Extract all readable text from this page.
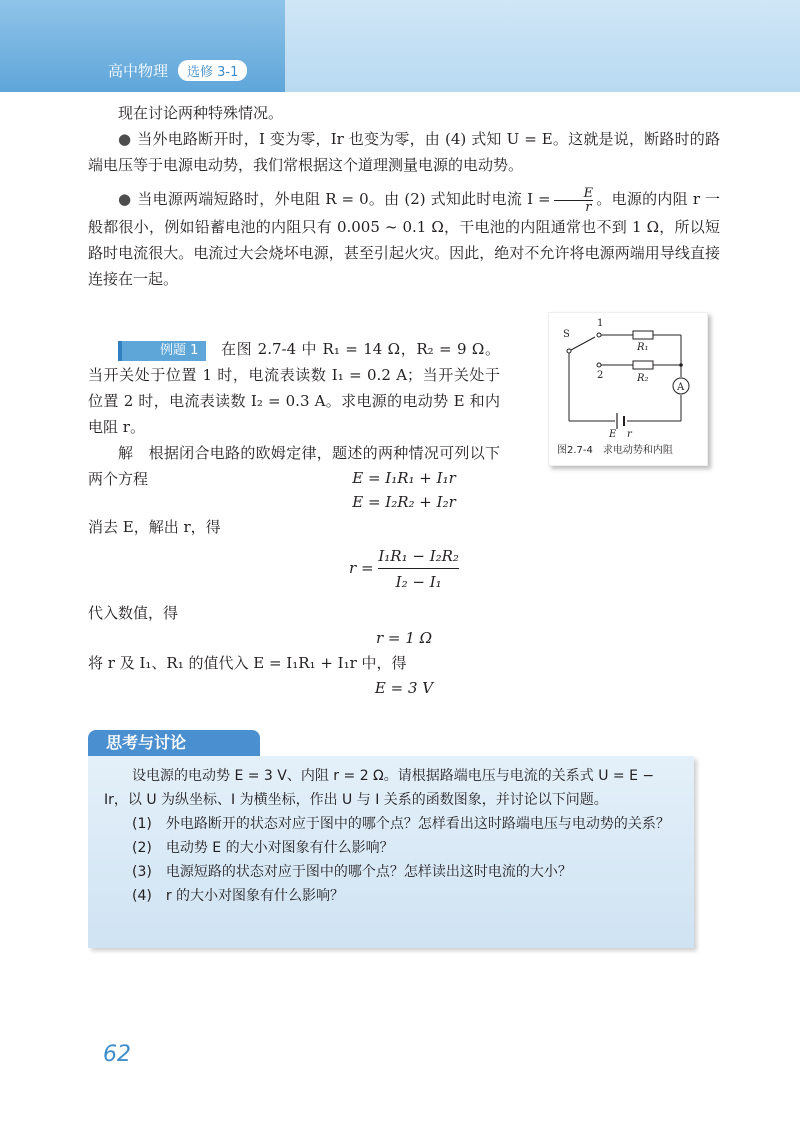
高中物理	选修 3-1

现在讨论两种特殊情况。

● 当外电路断开时，I 变为零，Ir 也变为零，由 (4) 式知 U = E。这就是说，断路时的路端电压等于电源电动势，我们常根据这个道理测量电源的电动势。

● 当电源两端短路时，外电阻 R = 0。由 (2) 式知此时电流 $I = \frac{E}{r}$ 。电源的内阻 r 一般都很小，例如铅蓄电池的内阻只有 0.005 ~ 0.1 Ω，干电池的内阻通常也不到 1 Ω，所以短路时电流很大。电流过大会烧坏电源，甚至引起火灾。因此，绝对不允许将电源两端用导线直接连接在一起。

例题 1 在图 2.7-4 中 R₁ = 14 Ω，R₂ = 9 Ω。当开关处于位置 1 时，电流表读数 I₁ = 0.2 A；当开关处于位置 2 时，电流表读数 I₂ = 0.3 A。求电源的电动势 E 和内电阻 r。

解　根据闭合电路的欧姆定律，题述的两种情况可列以下两个方程	E = I₁R₁ + I₁r
E = I₂R₂ + I₂r

消去 E，解出 r，得

$r = \frac{\text{I₁R₁ − I₂R₂}}{\text{I₂ − I₁}}$

代入数值，得

r = 1 Ω

将 r 及 I₁、R₁ 的值代入 E = I₁R₁ + I₁r 中，得

E = 3 V
E r
A
S
1
R₁
2	R₂
图2.7-4　求电动势和内阻
思考与讨论

设电源的电动势 E = 3 V、内阻 r = 2 Ω。请根据路端电压与电流的关系式 U = E − Ir，以 U 为纵坐标、I 为横坐标，作出 U 与 I 关系的函数图象，并讨论以下问题。

(1)　外电路断开的状态对应于图中的哪个点？怎样看出这时路端电压与电动势的关系？

(2)　电动势 E 的大小对图象有什么影响？

(3)　电源短路的状态对应于图中的哪个点？怎样读出这时电流的大小？

(4)　r 的大小对图象有什么影响？

62
